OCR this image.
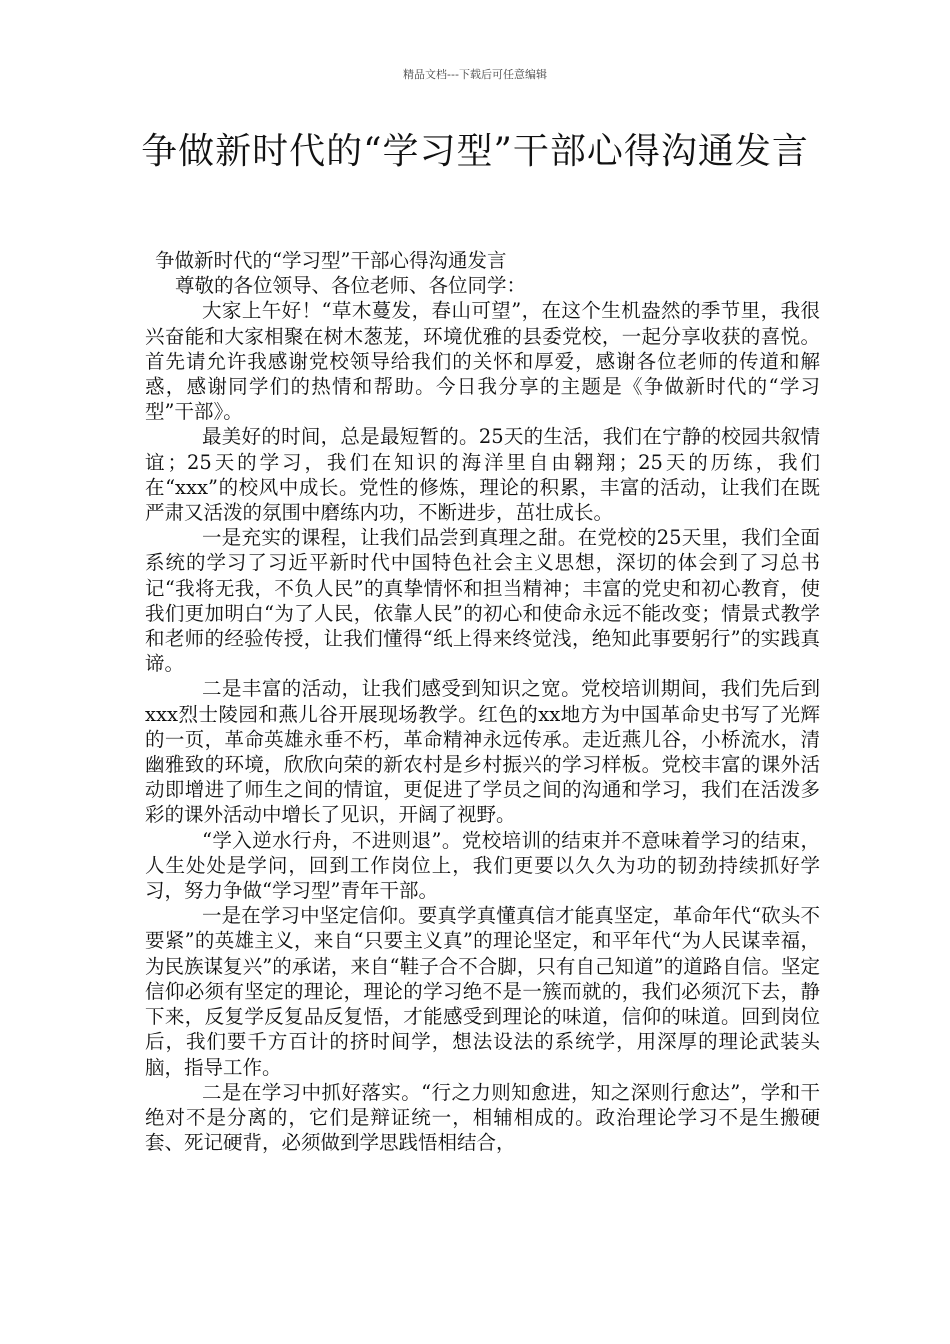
精品文档---下载后可任意编辑
争做新时代的“学习型”干部心得沟通发言

争做新时代的“学习型”干部心得沟通发言

尊敬的各位领导、各位老师、各位同学：

大家上午好！“草木蔓发，春山可望”，在这个生机盎然的季节里，我很兴奋能和大家相聚在树木葱茏，环境优雅的县委党校，一起分享收获的喜悦。首先请允许我感谢党校领导给我们的关怀和厚爱，感谢各位老师的传道和解惑，感谢同学们的热情和帮助。今日我分享的主题是《争做新时代的“学习型”干部》。

最美好的时间，总是最短暂的。25天的生活，我们在宁静的校园共叙情谊；25天的学习，我们在知识的海洋里自由翱翔；25天的历练，我们在“xxx”的校风中成长。党性的修炼，理论的积累，丰富的活动，让我们在既严肃又活泼的氛围中磨练内功，不断进步，茁壮成长。

一是充实的课程，让我们品尝到真理之甜。在党校的25天里，我们全面系统的学习了习近平新时代中国特色社会主义思想，深切的体会到了习总书记“我将无我，不负人民”的真挚情怀和担当精神；丰富的党史和初心教育，使我们更加明白“为了人民，依靠人民”的初心和使命永远不能改变；情景式教学和老师的经验传授，让我们懂得“纸上得来终觉浅，绝知此事要躬行”的实践真谛。

二是丰富的活动，让我们感受到知识之宽。党校培训期间，我们先后到xxx烈士陵园和燕儿谷开展现场教学。红色的xx地方为中国革命史书写了光辉的一页，革命英雄永垂不朽，革命精神永远传承。走近燕儿谷，小桥流水，清幽雅致的环境，欣欣向荣的新农村是乡村振兴的学习样板。党校丰富的课外活动即增进了师生之间的情谊，更促进了学员之间的沟通和学习，我们在活泼多彩的课外活动中增长了见识，开阔了视野。

“学入逆水行舟，不进则退”。党校培训的结束并不意味着学习的结束，人生处处是学问，回到工作岗位上，我们更要以久久为功的韧劲持续抓好学习，努力争做“学习型”青年干部。

一是在学习中坚定信仰。要真学真懂真信才能真坚定，革命年代“砍头不要紧”的英雄主义，来自“只要主义真”的理论坚定，和平年代“为人民谋幸福，为民族谋复兴”的承诺，来自“鞋子合不合脚，只有自己知道”的道路自信。坚定信仰必须有坚定的理论，理论的学习绝不是一簇而就的，我们必须沉下去，静下来，反复学反复品反复悟，才能感受到理论的味道，信仰的味道。回到岗位后，我们要千方百计的挤时间学，想法设法的系统学，用深厚的理论武装头脑，指导工作。

二是在学习中抓好落实。“行之力则知愈进，知之深则行愈达”，学和干绝对不是分离的，它们是辩证统一，相辅相成的。政治理论学习不是生搬硬套、死记硬背，必须做到学思践悟相结合，
